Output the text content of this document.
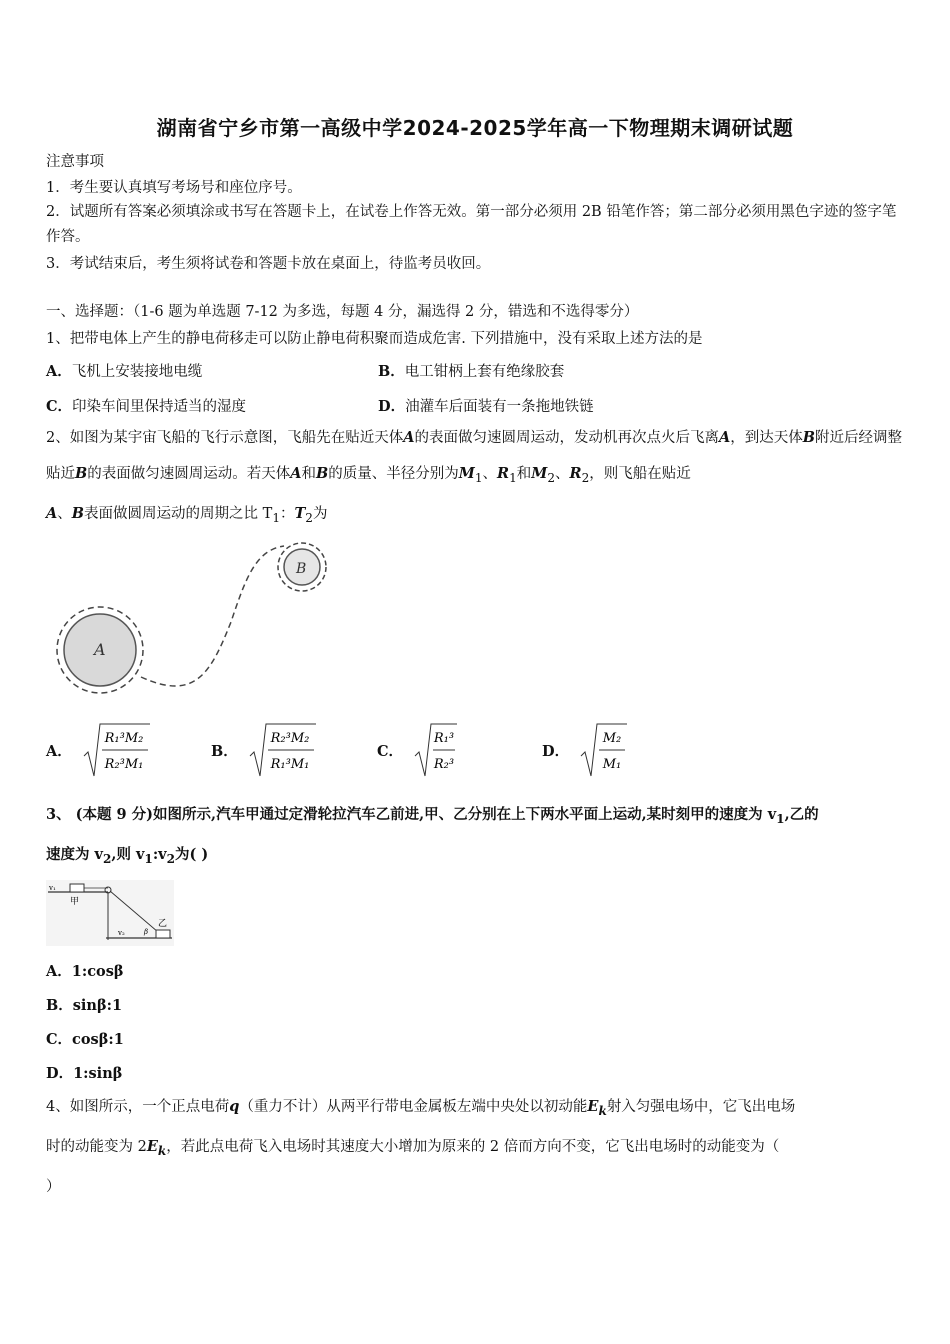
湖南省宁乡市第一高级中学2024-2025学年高一下物理期末调研试题
注意事项
1．考生要认真填写考场号和座位序号。
2．试题所有答案必须填涂或书写在答题卡上，在试卷上作答无效。第一部分必须用 2B 铅笔作答；第二部分必须用黑色字迹的签字笔作答。
3．考试结束后，考生须将试卷和答题卡放在桌面上，待监考员收回。
一、选择题：（1-6 题为单选题 7-12 为多选，每题 4 分，漏选得 2 分，错选和不选得零分）
1、把带电体上产生的静电荷移走可以防止静电荷积聚而造成危害. 下列措施中，没有采取上述方法的是
A．飞机上安装接地电缆	B．电工钳柄上套有绝缘胶套
C．印染车间里保持适当的湿度	D．油灌车后面装有一条拖地铁链
2、如图为某宇宙飞船的飞行示意图，飞船先在贴近天体A的表面做匀速圆周运动，发动机再次点火后飞离A，到达天体B附近后经调整贴近B的表面做匀速圆周运动。若天体A和B的质量、半径分别为$M_1$、$R_1$和$M_2$、$R_2$，则飞船在贴近
A、B表面做圆周运动的周期之比 $T_1$：$T_2$为
A
B
A．
R₁³M₂
R₂³M₁
B．
R₂³M₂
R₁³M₁
C．
R₁³
R₂³
D．
M₂
M₁
3、 (本题 9 分)如图所示,汽车甲通过定滑轮拉汽车乙前进,甲、乙分别在上下两水平面上运动,某时刻甲的速度为 $v_1$,乙的
速度为 $v_2$,则 $v_1:v_2$为( )
v₁
甲
乙
β
v₂
A．1:cosβ
B．sinβ:1
C．cosβ:1
D．1:sinβ
4、如图所示，一个正点电荷q（重力不计）从两平行带电金属板左端中央处以初动能$E_k$射入匀强电场中，它飞出电场
时的动能变为 $2E_k$，若此点电荷飞入电场时其速度大小增加为原来的 2 倍而方向不变，它飞出电场时的动能变为（
）
